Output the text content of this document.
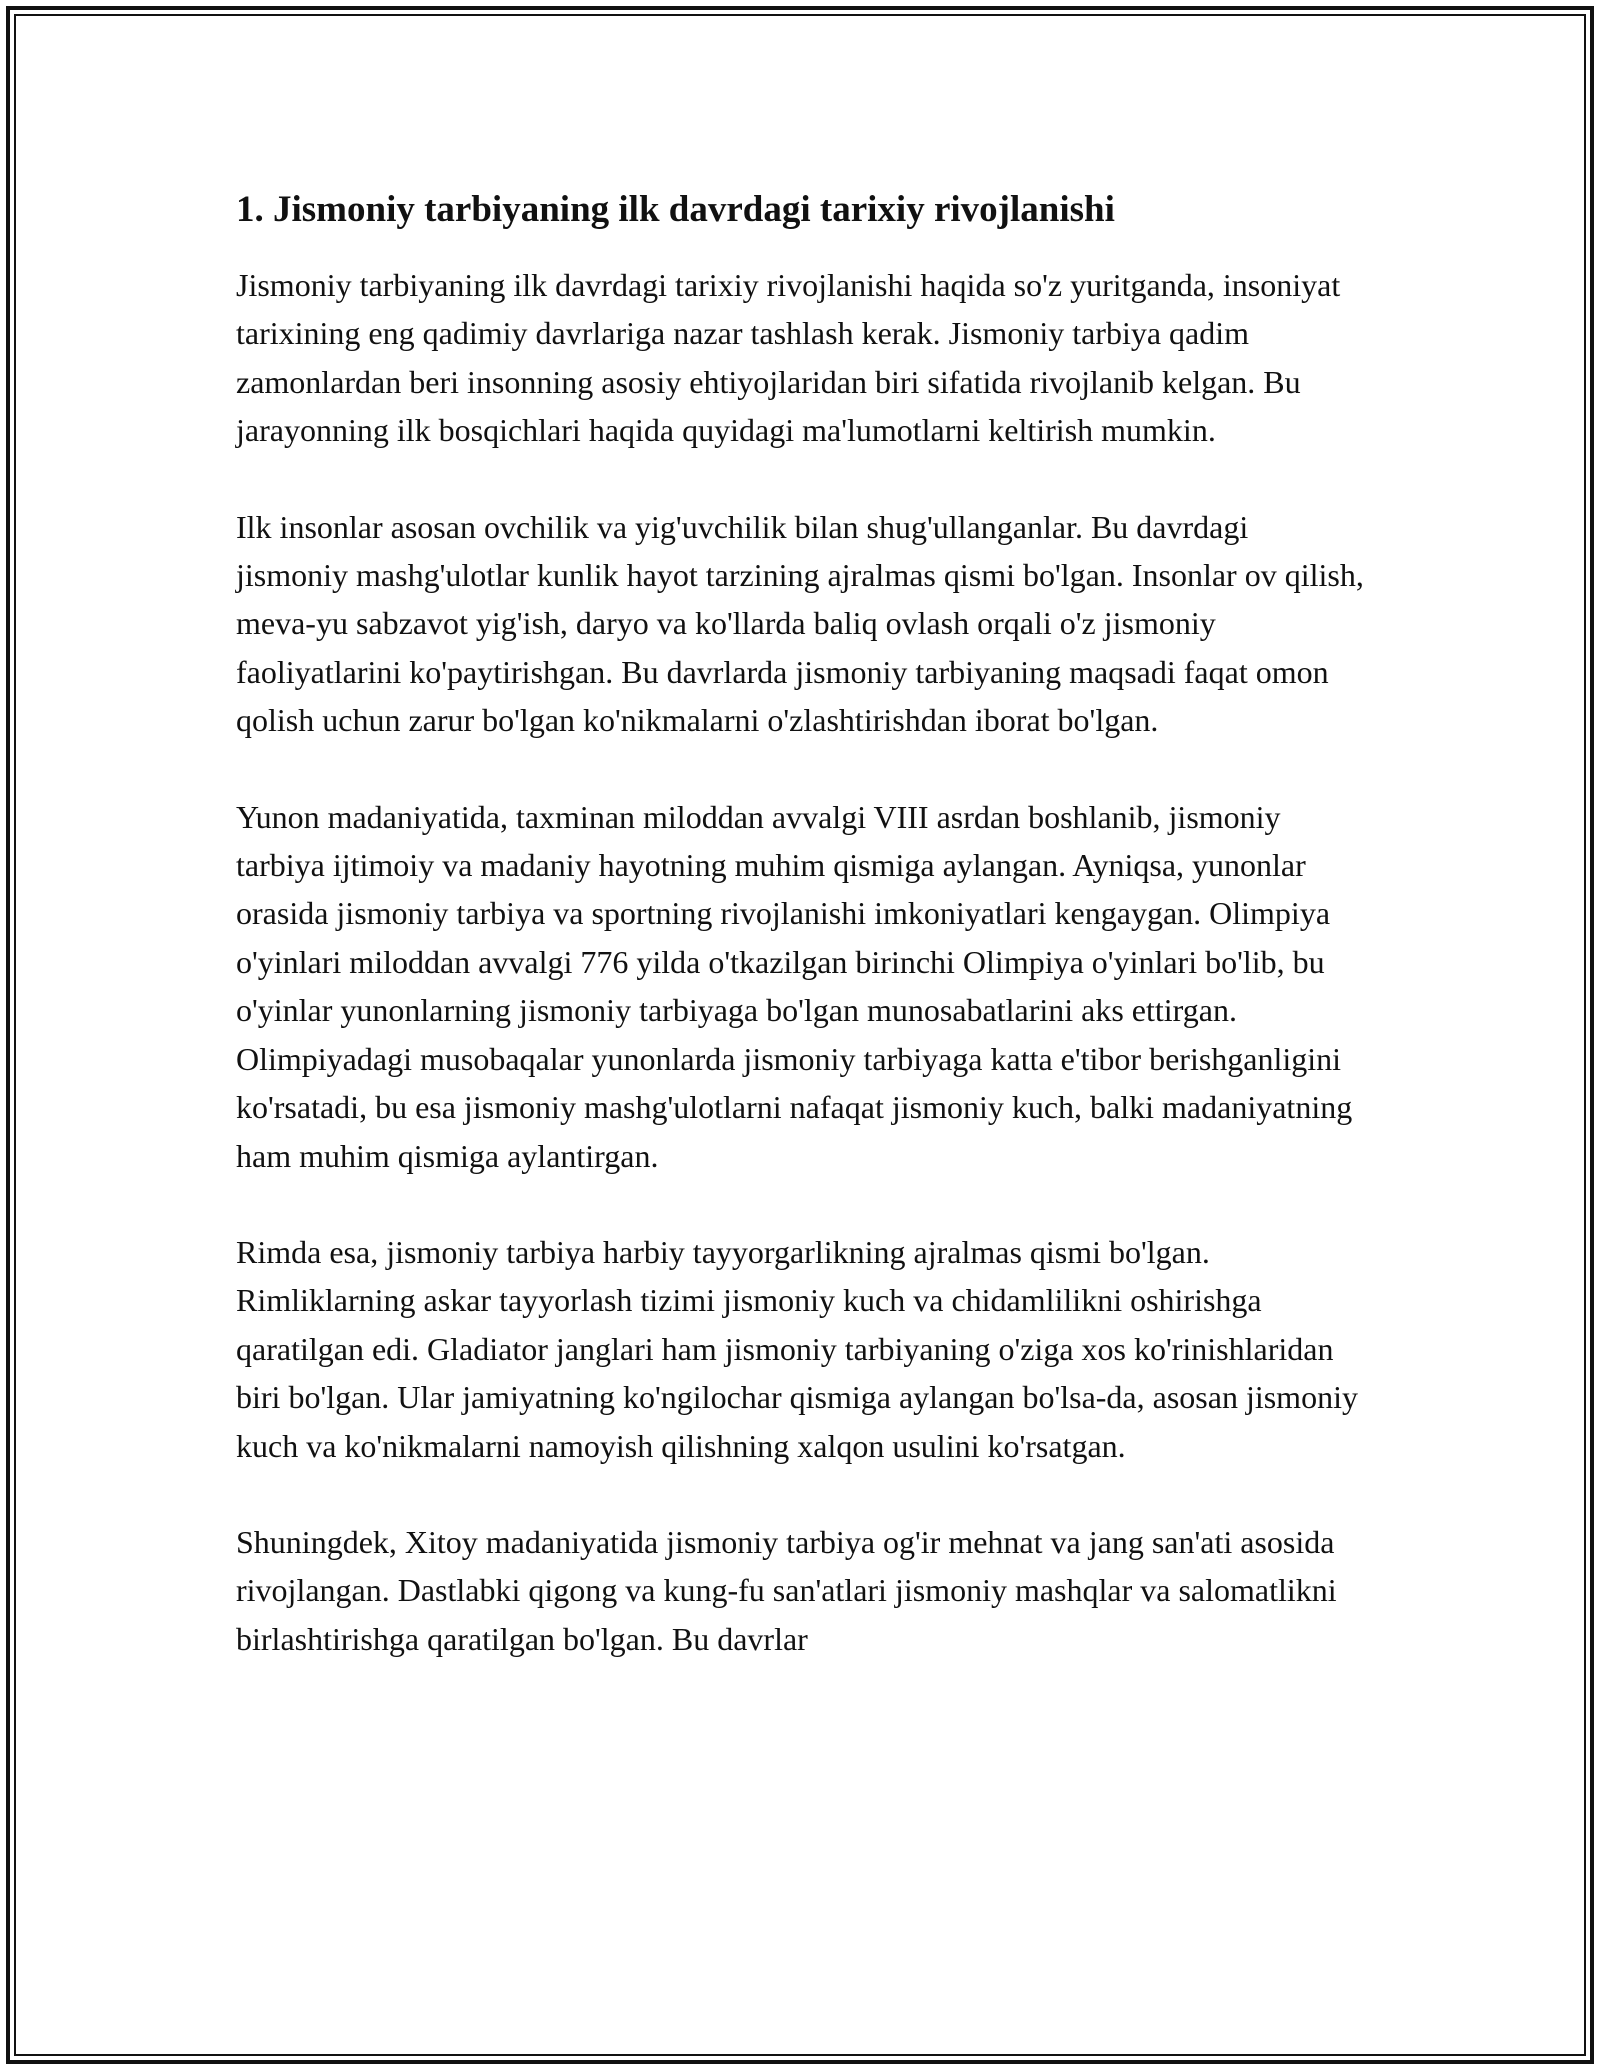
1. Jismoniy tarbiyaning ilk davrdagi tarixiy rivojlanishi

Jismoniy tarbiyaning ilk davrdagi tarixiy rivojlanishi haqida so'z yuritganda, insoniyat tarixining eng qadimiy davrlariga nazar tashlash kerak. Jismoniy tarbiya qadim zamonlardan beri insonning asosiy ehtiyojlaridan biri sifatida rivojlanib kelgan. Bu jarayonning ilk bosqichlari haqida quyidagi ma'lumotlarni keltirish mumkin.

Ilk insonlar asosan ovchilik va yig'uvchilik bilan shug'ullanganlar. Bu davrdagi jismoniy mashg'ulotlar kunlik hayot tarzining ajralmas qismi bo'lgan. Insonlar ov qilish, meva-yu sabzavot yig'ish, daryo va ko'llarda baliq ovlash orqali o'z jismoniy faoliyatlarini ko'paytirishgan. Bu davrlarda jismoniy tarbiyaning maqsadi faqat omon qolish uchun zarur bo'lgan ko'nikmalarni o'zlashtirishdan iborat bo'lgan.

Yunon madaniyatida, taxminan miloddan avvalgi VIII asrdan boshlanib, jismoniy tarbiya ijtimoiy va madaniy hayotning muhim qismiga aylangan. Ayniqsa, yunonlar orasida jismoniy tarbiya va sportning rivojlanishi imkoniyatlari kengaygan. Olimpiya o'yinlari miloddan avvalgi 776 yilda o'tkazilgan birinchi Olimpiya o'yinlari bo'lib, bu o'yinlar yunonlarning jismoniy tarbiyaga bo'lgan munosabatlarini aks ettirgan. Olimpiyadagi musobaqalar yunonlarda jismoniy tarbiyaga katta e'tibor berishganligini ko'rsatadi, bu esa jismoniy mashg'ulotlarni nafaqat jismoniy kuch, balki madaniyatning ham muhim qismiga aylantirgan.

Rimda esa, jismoniy tarbiya harbiy tayyorgarlikning ajralmas qismi bo'lgan. Rimliklarning askar tayyorlash tizimi jismoniy kuch va chidamlilikni oshirishga qaratilgan edi. Gladiator janglari ham jismoniy tarbiyaning o'ziga xos ko'rinishlaridan biri bo'lgan. Ular jamiyatning ko'ngilochar qismiga aylangan bo'lsa-da, asosan jismoniy kuch va ko'nikmalarni namoyish qilishning xalqon usulini ko'rsatgan.

Shuningdek, Xitoy madaniyatida jismoniy tarbiya og'ir mehnat va jang san'ati asosida rivojlangan. Dastlabki qigong va kung-fu san'atlari jismoniy mashqlar va salomatlikni birlashtirishga qaratilgan bo'lgan. Bu davrlar
